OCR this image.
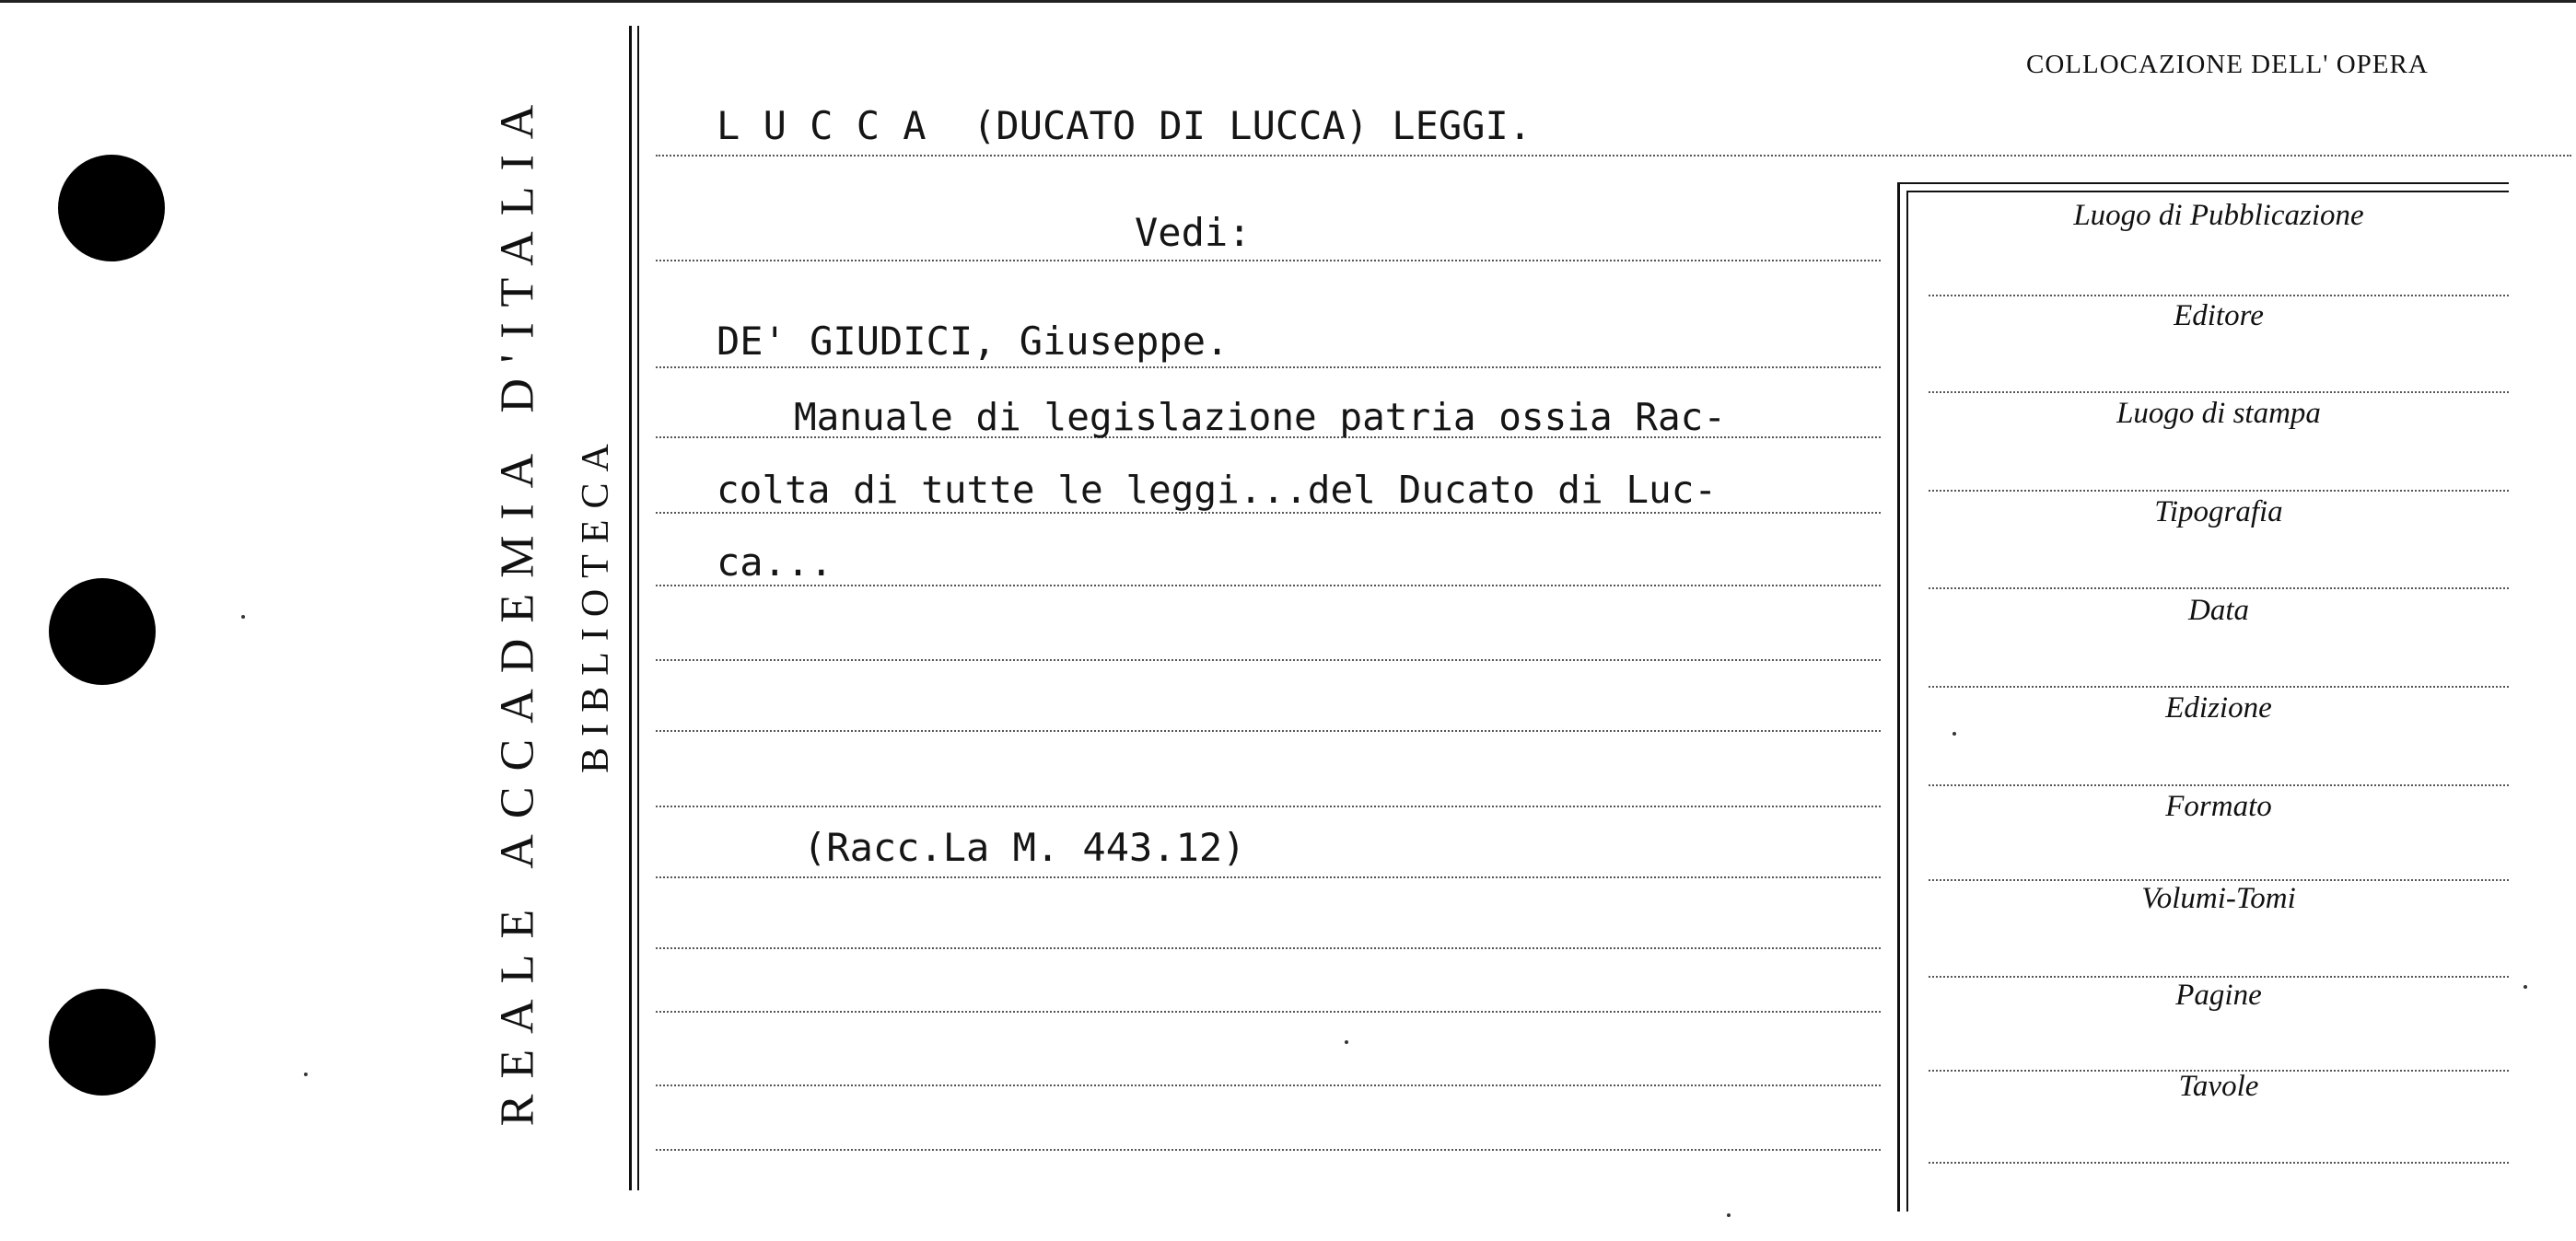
REALE ACCADEMIA D'ITALIA BIBLIOTECA
COLLOCAZIONE DELL' OPERA
L U C C A  (DUCATO DI LUCCA) LEGGI.
Vedi:
DE' GIUDICI, Giuseppe.
Manuale di legislazione patria ossia Rac-
colta di tutte le leggi...del Ducato di Luc-
ca...
(Racc.La M. 443.12)
Luogo di Pubblicazione
Editore
Luogo di stampa
Tipografia
Data
Edizione
Formato
Volumi-Tomi
Pagine
Tavole
